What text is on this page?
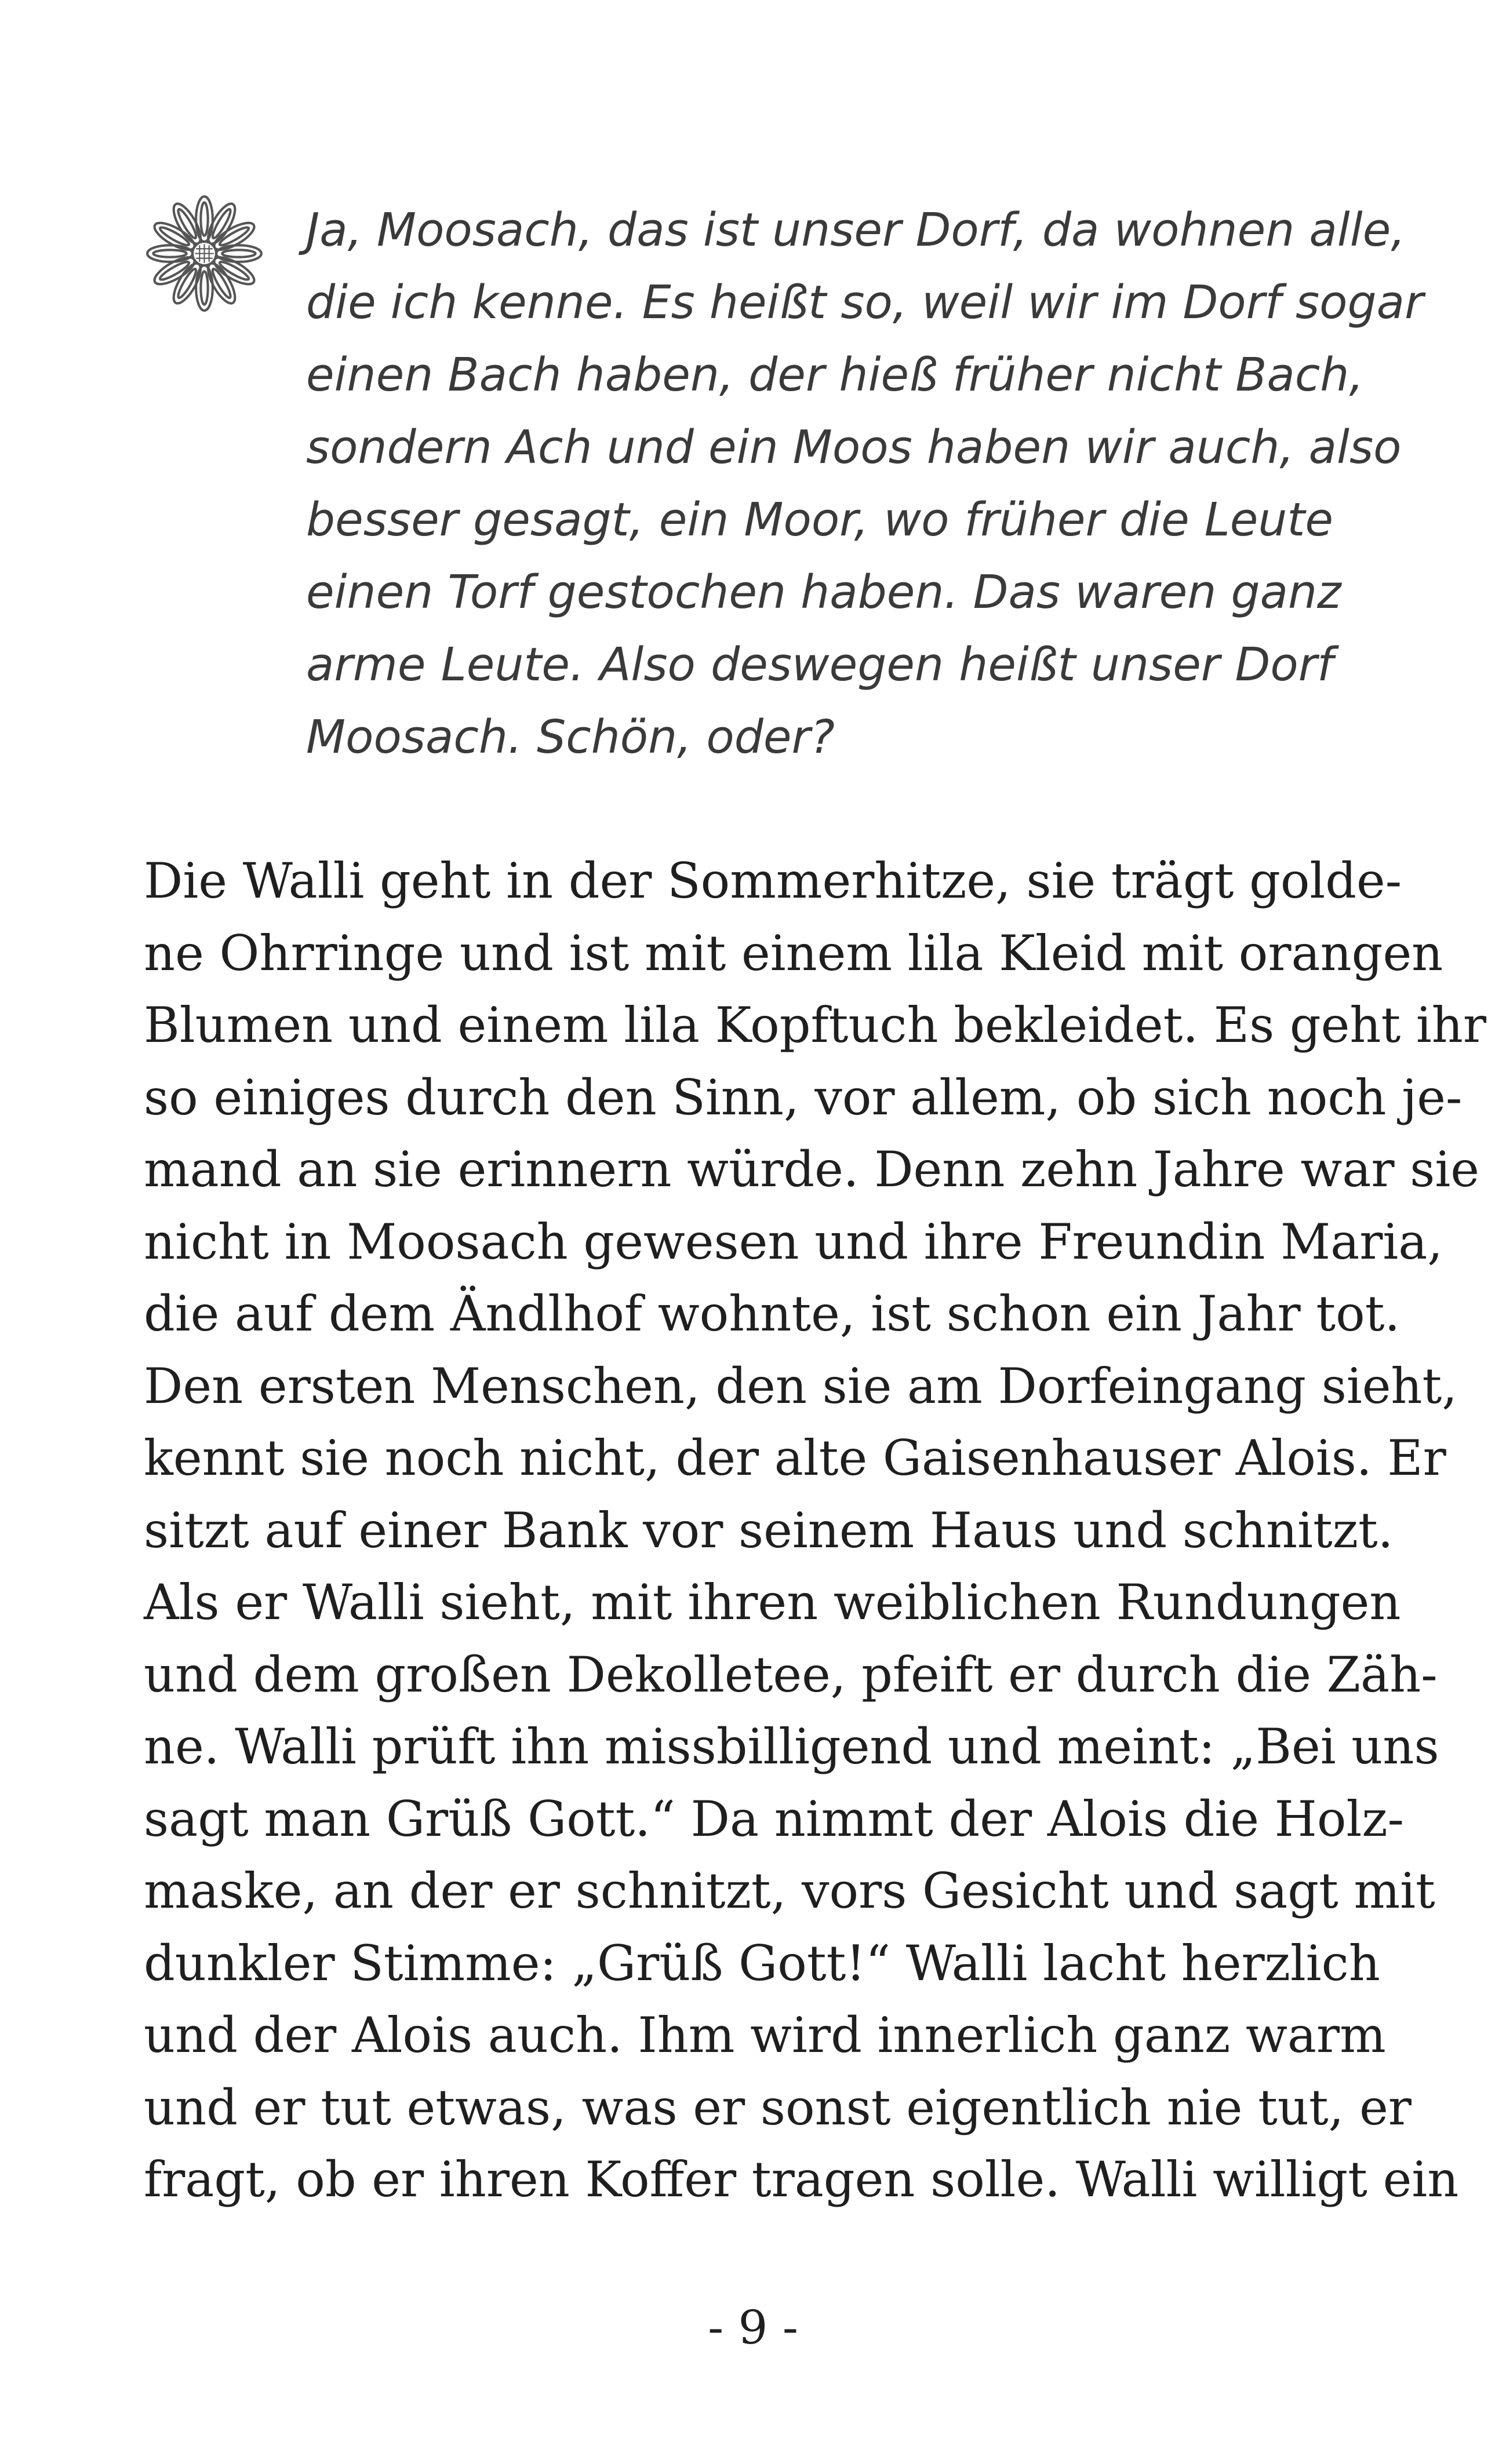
Ja, Moosach, das ist unser Dorf, da wohnen alle,
die ich kenne. Es heißt so, weil wir im Dorf sogar
einen Bach haben, der hieß früher nicht Bach,
sondern Ach und ein Moos haben wir auch, also
besser gesagt, ein Moor, wo früher die Leute
einen Torf gestochen haben. Das waren ganz
arme Leute. Also deswegen heißt unser Dorf
Moosach. Schön, oder?
Die Walli geht in der Sommerhitze, sie trägt golde-
ne Ohrringe und ist mit einem lila Kleid mit orangen
Blumen und einem lila Kopftuch bekleidet. Es geht ihr
so einiges durch den Sinn, vor allem, ob sich noch je-
mand an sie erinnern würde. Denn zehn Jahre war sie
nicht in Moosach gewesen und ihre Freundin Maria,
die auf dem Ändlhof wohnte, ist schon ein Jahr tot.
Den ersten Menschen, den sie am Dorfeingang sieht,
kennt sie noch nicht, der alte Gaisenhauser Alois. Er
sitzt auf einer Bank vor seinem Haus und schnitzt.
Als er Walli sieht, mit ihren weiblichen Rundungen
und dem großen Dekolletee, pfeift er durch die Zäh-
ne. Walli prüft ihn missbilligend und meint: „Bei uns
sagt man Grüß Gott.“ Da nimmt der Alois die Holz-
maske, an der er schnitzt, vors Gesicht und sagt mit
dunkler Stimme: „Grüß Gott!“ Walli lacht herzlich
und der Alois auch. Ihm wird innerlich ganz warm
und er tut etwas, was er sonst eigentlich nie tut, er
fragt, ob er ihren Koffer tragen solle. Walli willigt ein
- 9 -
